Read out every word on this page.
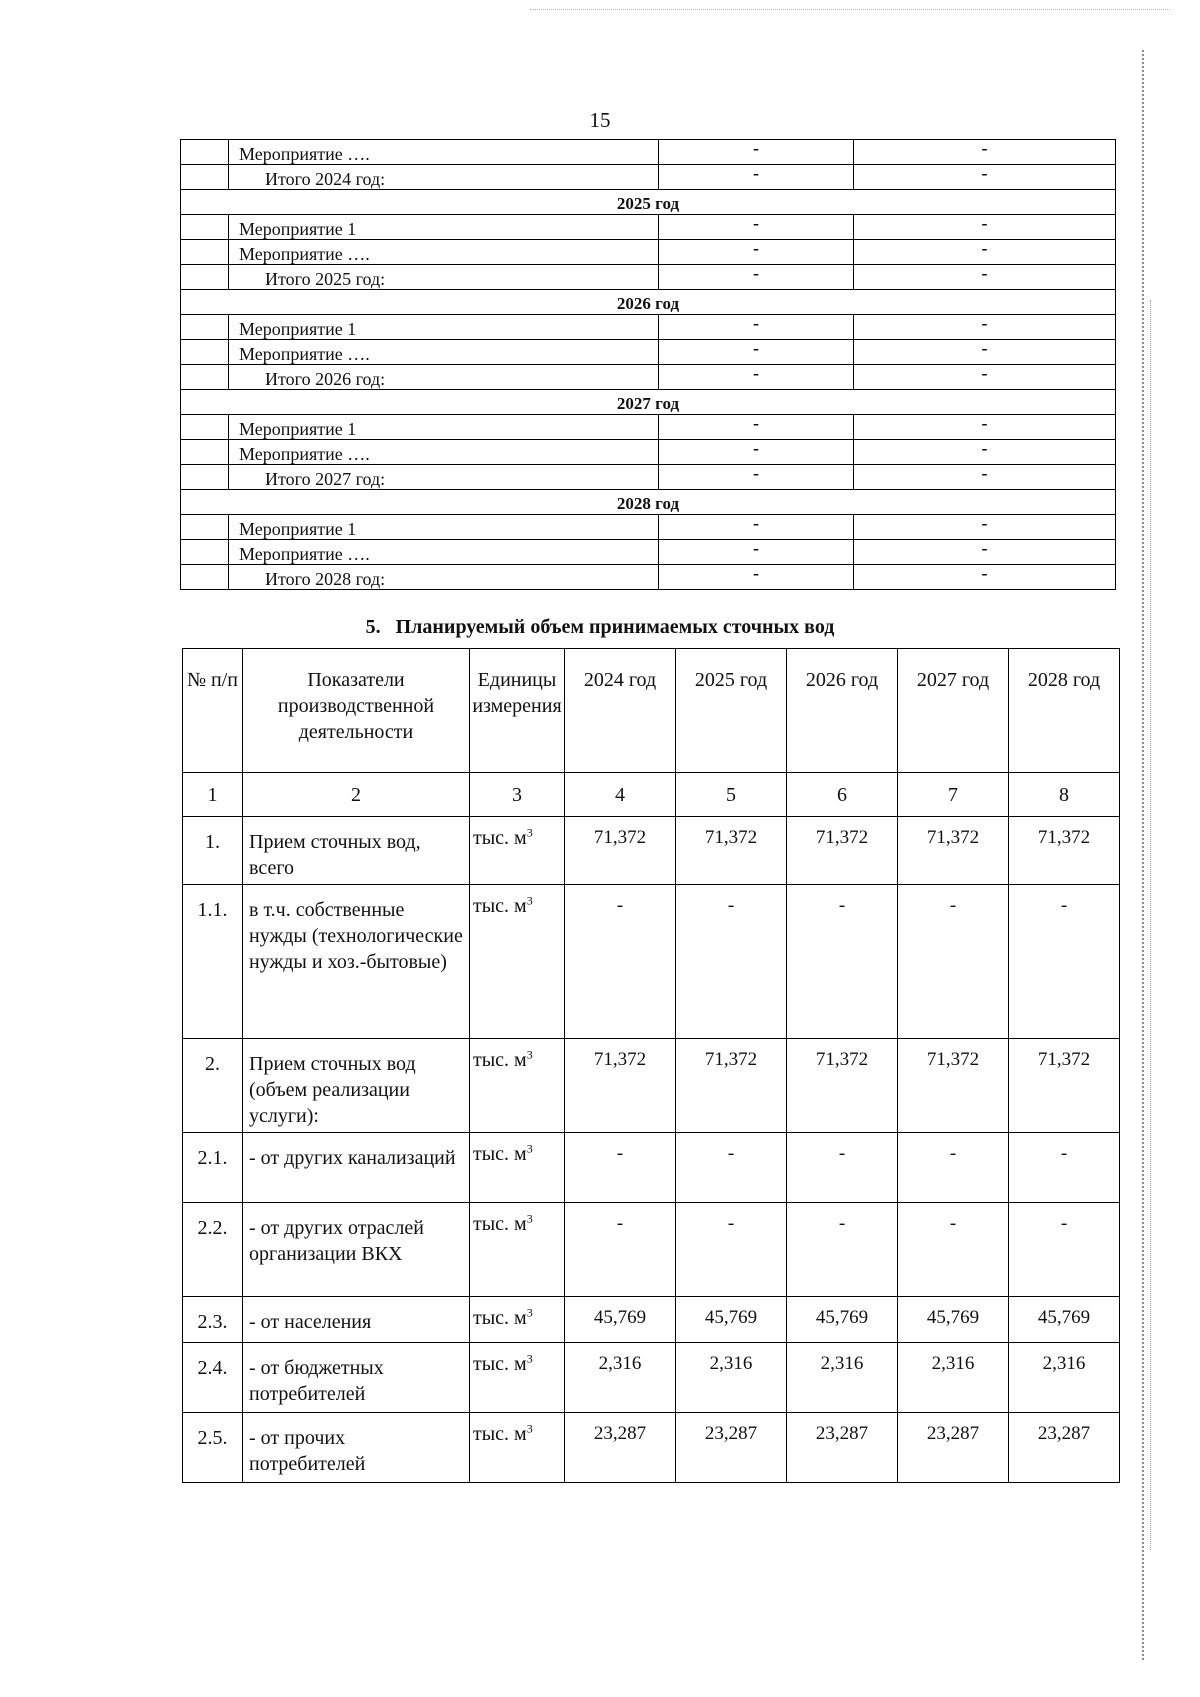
15
	Мероприятие ….	-	-
	Итого 2024 год:	-	-
2025 год			
	Мероприятие 1	-	-
	Мероприятие ….	-	-
	Итого 2025 год:	-	-
2026 год			
	Мероприятие 1	-	-
	Мероприятие ….	-	-
	Итого 2026 год:	-	-
2027 год			
	Мероприятие 1	-	-
	Мероприятие ….	-	-
	Итого 2027 год:	-	-
2028 год			
	Мероприятие 1	-	-
	Мероприятие ….	-	-
	Итого 2028 год:	-	-
5. Планируемый объем принимаемых сточных вод
№ п/п	Показатели производственной деятельности	Единицы измерения	2024 год	2025 год	2026 год	2027 год	2028 год
1	2	3	4	5	6	7	8
1.	Прием сточных вод, всего	тыс. $м^3$	71,372	71,372	71,372	71,372	71,372
1.1.	в т.ч. собственные нужды (технологические нужды и хоз.-бытовые)	тыс. $м^3$	-	-	-	-	-
2.	Прием сточных вод (объем реализации услуги):	тыс. $м^3$	71,372	71,372	71,372	71,372	71,372
2.1.	- от других канализаций	тыс. $м^3$	-	-	-	-	-
2.2.	- от других отраслей организации ВКХ	тыс. $м^3$	-	-	-	-	-
2.3.	- от населения	тыс. $м^3$	45,769	45,769	45,769	45,769	45,769
2.4.	- от бюджетных потребителей	тыс. $м^3$	2,316	2,316	2,316	2,316	2,316
2.5.	- от прочих потребителей	тыс. $м^3$	23,287	23,287	23,287	23,287	23,287
